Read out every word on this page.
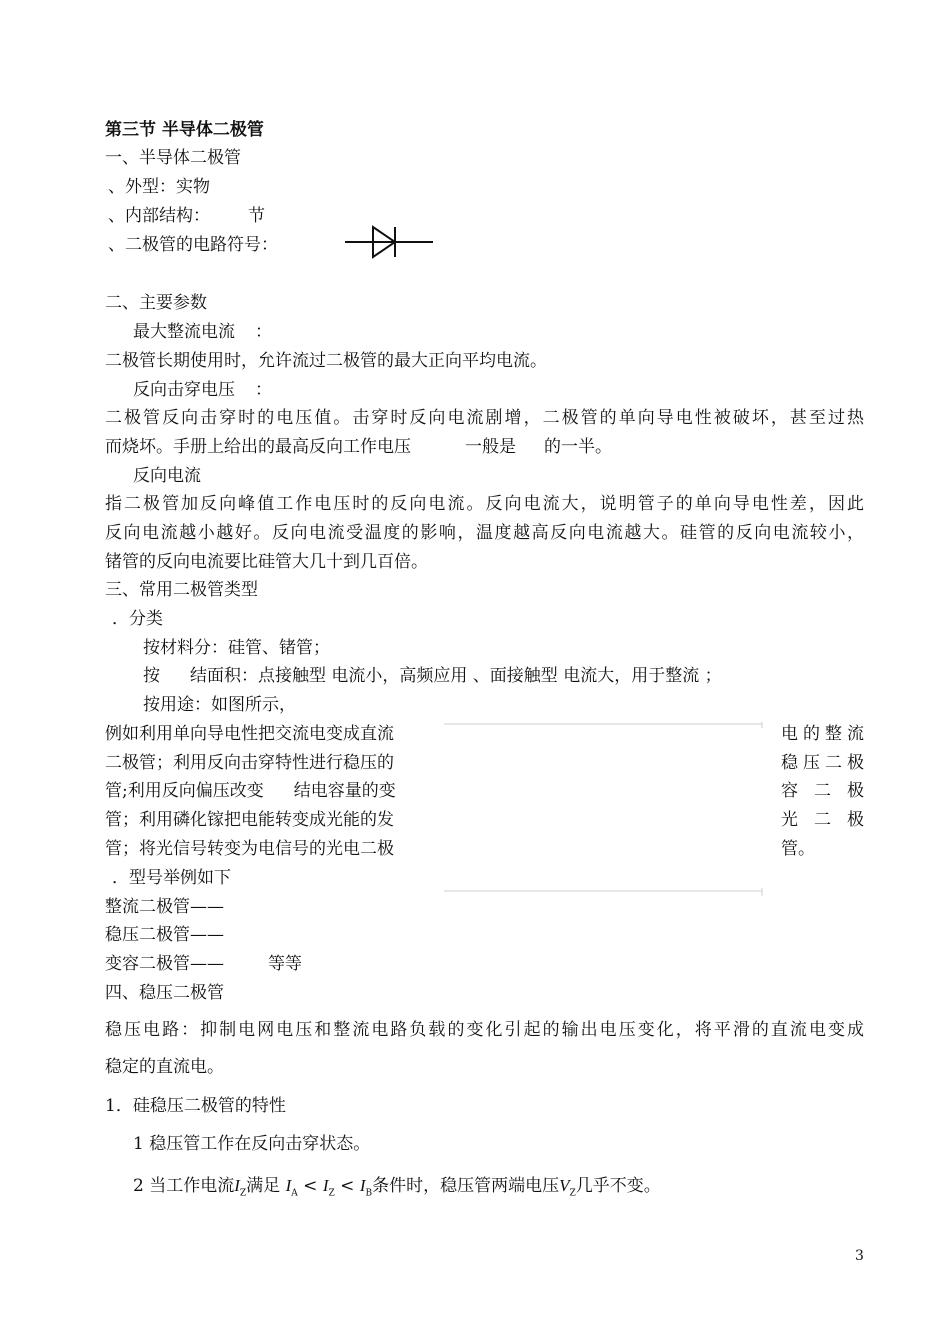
第三节 半导体二极管
一、半导体二极管
、外型：实物
、内部结构： 节
、二极管的电路符号：
二、主要参数
最大整流电流 ：
二极管长期使用时，允许流过二极管的最大正向平均电流。
反向击穿电压 ：
二极管反向击穿时的电压值。击穿时反向电流剧增，二极管的单向导电性被破坏，甚至过热
而烧坏。手册上给出的最高反向工作电压	一般是 的一半。
反向电流
指二极管加反向峰值工作电压时的反向电流。反向电流大，说明管子的单向导电性差，因此
反向电流越小越好。反向电流受温度的影响，温度越高反向电流越大。硅管的反向电流较小，
锗管的反向电流要比硅管大几十到几百倍。
三、常用二极管类型
．分类
按材料分：硅管、锗管；
按 结面积：点接触型 电流小，高频应用 、面接触型 电流大，用于整流 ；
按用途：如图所示，
例如利用单向导电性把交流电变成直流
二极管；利用反向击穿特性进行稳压的
管;利用反向偏压改变 结电容量的变
管；利用磷化镓把电能转变成光能的发
管；将光信号转变为电信号的光电二极
电的整流
稳压二极
容 二 极
光 二 极
管。
．型号举例如下
整流二极管——
稳压二极管——
变容二极管——	等等
四、稳压二极管
稳压电路：抑制电网电压和整流电路负载的变化引起的输出电压变化，将平滑的直流电变成
稳定的直流电。
1．硅稳压二极管的特性
1 稳压管工作在反向击穿状态。
2 当工作电流$I_Z$满足 $I_A < I_Z < I_B$条件时，稳压管两端电压$V_Z$几乎不变。
3
